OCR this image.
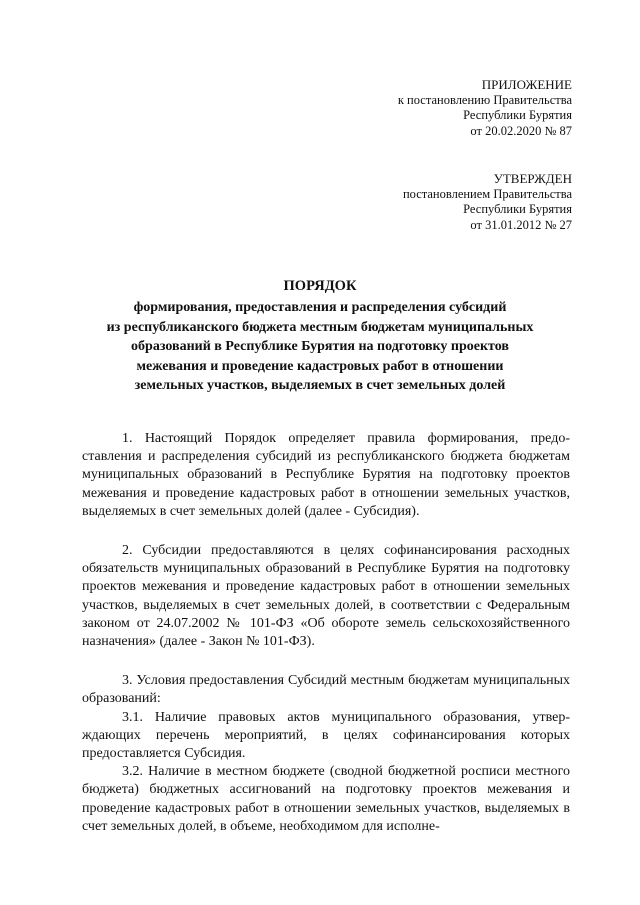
ПРИЛОЖЕНИЕ
к постановлению Правительства
Республики Бурятия
от 20.02.2020 № 87
УТВЕРЖДЕН
постановлением Правительства
Республики Бурятия
от 31.01.2012 № 27
ПОРЯДОК
формирования, предоставления и распределения субсидий
из республиканского бюджета местным бюджетам муниципальных
образований в Республике Бурятия на подготовку проектов
межевания и проведение кадастровых работ в отношении
земельных участков, выделяемых в счет земельных долей

1. Настоящий Порядок определяет правила формирования, предоставления и распределения субсидий из республиканского бюджета бюджетам муниципальных образований в Республике Бурятия на подготовку проектов межевания и проведение кадастровых работ в отношении земельных участков, выделяемых в счет земельных долей (далее - Субсидия).

2. Субсидии предоставляются в целях софинансирования расходных обязательств муниципальных образований в Республике Бурятия на подготовку проектов межевания и проведение кадастровых работ в отношении земельных участков, выделяемых в счет земельных долей, в соответствии с Федеральным законом от 24.07.2002 № 101-ФЗ «Об обороте земель сельскохозяйственного назначения» (далее - Закон № 101-ФЗ).

3. Условия предоставления Субсидий местным бюджетам муниципальных образований:

3.1. Наличие правовых актов муниципального образования, утверждающих перечень мероприятий, в целях софинансирования которых предоставляется Субсидия.

3.2. Наличие в местном бюджете (сводной бюджетной росписи местного бюджета) бюджетных ассигнований на подготовку проектов межевания и проведение кадастровых работ в отношении земельных участков, выделяемых в счет земельных долей, в объеме, необходимом для исполне-
